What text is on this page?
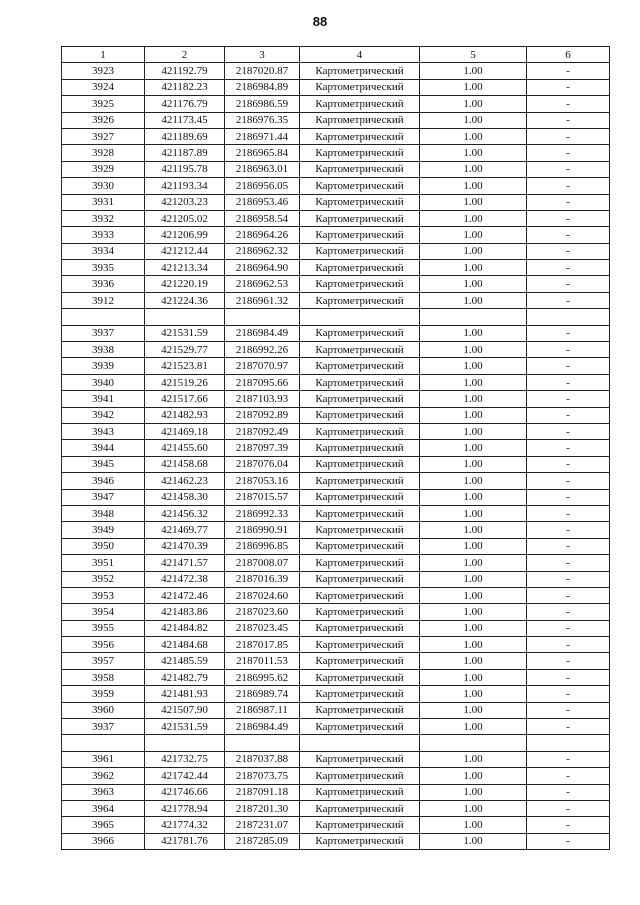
88
1	2	3	4	5	6
3923	421192.79	2187020.87	Картометрический	1.00	-
3924	421182.23	2186984.89	Картометрический	1.00	-
3925	421176.79	2186986.59	Картометрический	1.00	-
3926	421173.45	2186976.35	Картометрический	1.00	-
3927	421189.69	2186971.44	Картометрический	1.00	-
3928	421187.89	2186965.84	Картометрический	1.00	-
3929	421195.78	2186963.01	Картометрический	1.00	-
3930	421193.34	2186956.05	Картометрический	1.00	-
3931	421203.23	2186953.46	Картометрический	1.00	-
3932	421205.02	2186958.54	Картометрический	1.00	-
3933	421206.99	2186964.26	Картометрический	1.00	-
3934	421212.44	2186962.32	Картометрический	1.00	-
3935	421213.34	2186964.90	Картометрический	1.00	-
3936	421220.19	2186962.53	Картометрический	1.00	-
3912	421224.36	2186961.32	Картометрический	1.00	-

3937	421531.59	2186984.49	Картометрический	1.00	-
3938	421529.77	2186992.26	Картометрический	1.00	-
3939	421523.81	2187070.97	Картометрический	1.00	-
3940	421519.26	2187095.66	Картометрический	1.00	-
3941	421517.66	2187103.93	Картометрический	1.00	-
3942	421482.93	2187092.89	Картометрический	1.00	-
3943	421469.18	2187092.49	Картометрический	1.00	-
3944	421455.60	2187097.39	Картометрический	1.00	-
3945	421458.68	2187076.04	Картометрический	1.00	-
3946	421462.23	2187053.16	Картометрический	1.00	-
3947	421458.30	2187015.57	Картометрический	1.00	-
3948	421456.32	2186992.33	Картометрический	1.00	-
3949	421469.77	2186990.91	Картометрический	1.00	-
3950	421470.39	2186996.85	Картометрический	1.00	-
3951	421471.57	2187008.07	Картометрический	1.00	-
3952	421472.38	2187016.39	Картометрический	1.00	-
3953	421472.46	2187024.60	Картометрический	1.00	-
3954	421483.86	2187023.60	Картометрический	1.00	-
3955	421484.82	2187023.45	Картометрический	1.00	-
3956	421484.68	2187017.85	Картометрический	1.00	-
3957	421485.59	2187011.53	Картометрический	1.00	-
3958	421482.79	2186995.62	Картометрический	1.00	-
3959	421481.93	2186989.74	Картометрический	1.00	-
3960	421507.90	2186987.11	Картометрический	1.00	-
3937	421531.59	2186984.49	Картометрический	1.00	-

3961	421732.75	2187037.88	Картометрический	1.00	-
3962	421742.44	2187073.75	Картометрический	1.00	-
3963	421746.66	2187091.18	Картометрический	1.00	-
3964	421778.94	2187201.30	Картометрический	1.00	-
3965	421774.32	2187231.07	Картометрический	1.00	-
3966	421781.76	2187285.09	Картометрический	1.00	-
